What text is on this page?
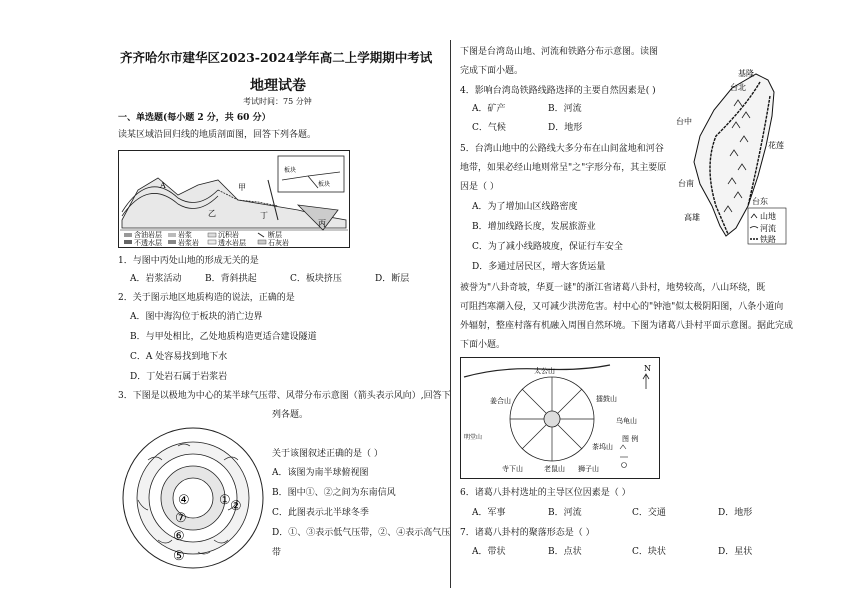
齐齐哈尔市建华区2023-2024学年高二上学期期中考试
地理试卷
考试时间：75 分钟
一、单选题(每小题 2 分，共 60 分）
读某区域沿回归线的地质剖面图，回答下列各题。
板块
板块
A	甲
乙	丁
丙
含油岩层 岩浆	沉积岩	断层
不透水层 岩浆岩	透水岩层	石灰岩
1．与图中丙处山地的形成无关的是
A．岩浆活动	B．背斜拱起	C．板块挤压	D．断层
2．关于图示地区地质构造的说法，正确的是
A．图中海沟位于板块的消亡边界
B．与甲处相比，乙处地质构造更适合建设隧道
C．A 处容易找到地下水
D．丁处岩石属于岩浆岩
3．下图是以极地为中心的某半球气压带、风带分布示意图（箭头表示风向）,回答下
列各题。
④ ①
⑦
⑥
②
⑤
关于该图叙述正确的是（ ）
A．该图为南半球俯视图
B．图中①、②之间为东南信风
C．此图表示北半球冬季
D．①、③表示低气压带，②、④表示高气压
带
下图是台湾岛山地、河流和铁路分布示意图。读图
完成下面小题。
4．影响台湾岛铁路线路选择的主要自然因素是( )
A．矿产	B．河流
C．气候	D．地形
5．台湾山地中的公路线大多分布在山间盆地和河谷
地带，如果必经山地则常呈"之"字形分布，其主要原
因是（ ）
A．为了增加山区线路密度
B．增加线路长度，发展旅游业
C．为了减小线路坡度，保证行车安全
D．多通过居民区，增大客货运量
基隆
台北
台中
花莲
台南
高雄
台东
山地
河流
铁路
被誉为"八卦奇坡，华夏一谜"的浙江省诸葛八卦村，地势较高，八山环绕，既
可阻挡寒潮入侵，又可减少洪涝危害。村中心的"钟池"似太极阴阳图，八条小道向
外辐射，整座村落有机融入周围自然环境。下图为诸葛八卦村平面示意图。据此完成
下面小题。
太公山
姜合山	擂鼓山
寺下山	老鼠山 狮子山
明堂山
茶坞山
乌龟山
图 例
N
6．诸葛八卦村选址的主导区位因素是（ ）
A．军事	B．河流	C．交通	D．地形
7．诸葛八卦村的聚落形态是（ ）
A．带状	B．点状	C．块状	D．星状
